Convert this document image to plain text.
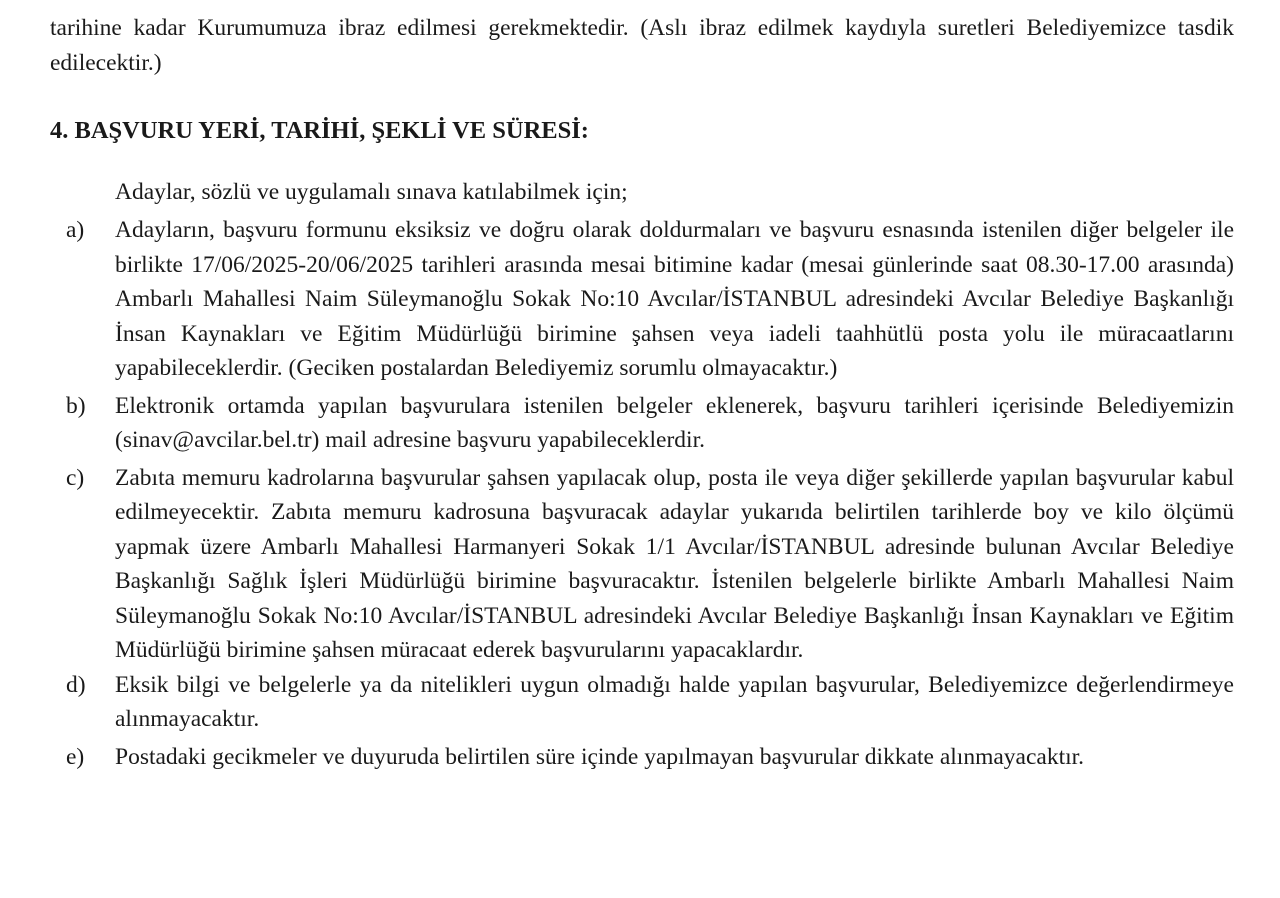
tarihine kadar Kurumumuza ibraz edilmesi gerekmektedir. (Aslı ibraz edilmek kaydıyla suretleri Belediyemizce tasdik edilecektir.)

4. BAŞVURU YERİ, TARİHİ, ŞEKLİ VE SÜRESİ:

Adaylar, sözlü ve uygulamalı sınava katılabilmek için;

a)	Adayların, başvuru formunu eksiksiz ve doğru olarak doldurmaları ve başvuru esnasında istenilen diğer belgeler ile birlikte 17/06/2025-20/06/2025 tarihleri arasında mesai bitimine kadar (mesai günlerinde saat 08.30-17.00 arasında) Ambarlı Mahallesi Naim Süleymanoğlu Sokak No:10 Avcılar/İSTANBUL adresindeki Avcılar Belediye Başkanlığı İnsan Kaynakları ve Eğitim Müdürlüğü birimine şahsen veya iadeli taahhütlü posta yolu ile müracaatlarını yapabileceklerdir. (Geciken postalardan Belediyemiz sorumlu olmayacaktır.)
b)	Elektronik ortamda yapılan başvurulara istenilen belgeler eklenerek, başvuru tarihleri içerisinde Belediyemizin (sinav@avcilar.bel.tr) mail adresine başvuru yapabileceklerdir.
c)	Zabıta memuru kadrolarına başvurular şahsen yapılacak olup, posta ile veya diğer şekillerde yapılan başvurular kabul edilmeyecektir. Zabıta memuru kadrosuna başvuracak adaylar yukarıda belirtilen tarihlerde boy ve kilo ölçümü yapmak üzere Ambarlı Mahallesi Harmanyeri Sokak 1/1 Avcılar/İSTANBUL adresinde bulunan Avcılar Belediye Başkanlığı Sağlık İşleri Müdürlüğü birimine başvuracaktır. İstenilen belgelerle birlikte Ambarlı Mahallesi Naim Süleymanoğlu Sokak No:10 Avcılar/İSTANBUL adresindeki Avcılar Belediye Başkanlığı İnsan Kaynakları ve Eğitim Müdürlüğü birimine şahsen müracaat ederek başvurularını yapacaklardır.
d)	Eksik bilgi ve belgelerle ya da nitelikleri uygun olmadığı halde yapılan başvurular, Belediyemizce değerlendirmeye alınmayacaktır.
e)	Postadaki gecikmeler ve duyuruda belirtilen süre içinde yapılmayan başvurular dikkate alınmayacaktır.
